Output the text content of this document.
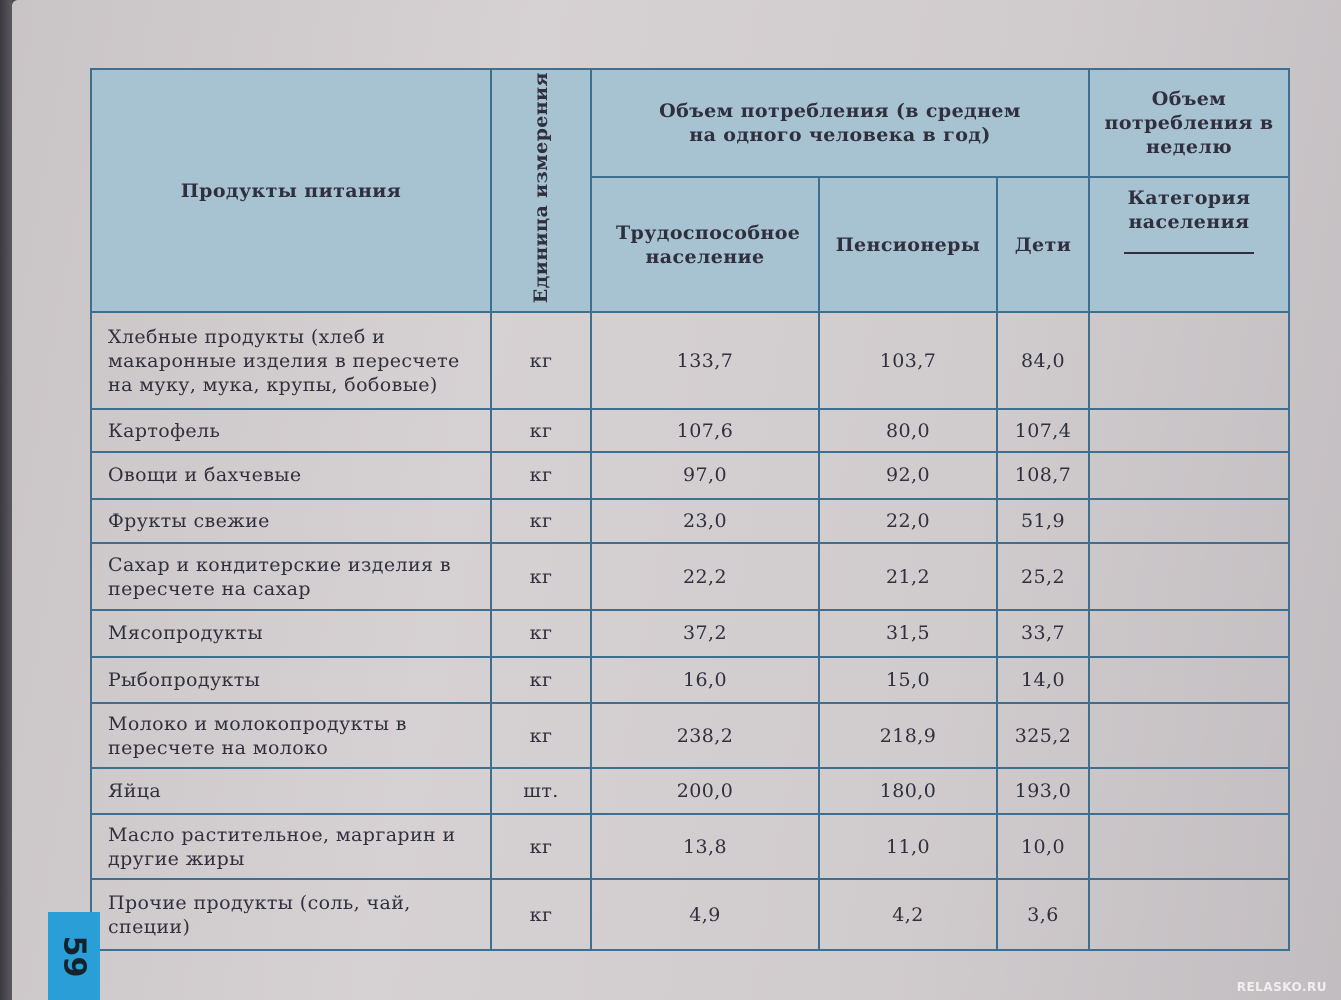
Продукты питания	Единица измерения	Объем потребления (в среднем на одного человека в год)			Объем потребления в неделю
		Трудоспособное население	Пенсионеры	Дети	Категория населения

Хлебные продукты (хлеб и макаронные изделия в пересчете на муку, мука, крупы, бобовые)	кг	133,7	103,7	84,0	
Картофель	кг	107,6	80,0	107,4	
Овощи и бахчевые	кг	97,0	92,0	108,7	
Фрукты свежие	кг	23,0	22,0	51,9	
Сахар и кондитерские изделия в пересчете на сахар	кг	22,2	21,2	25,2	
Мясопродукты	кг	37,2	31,5	33,7	
Рыбопродукты	кг	16,0	15,0	14,0	
Молоко и молокопродукты в пересчете на молоко	кг	238,2	218,9	325,2	
Яйца	шт.	200,0	180,0	193,0	
Масло растительное, маргарин и другие жиры	кг	13,8	11,0	10,0	
Прочие продукты (соль, чай, специи)	кг	4,9	4,2	3,6	
59
RELASKO.RU
